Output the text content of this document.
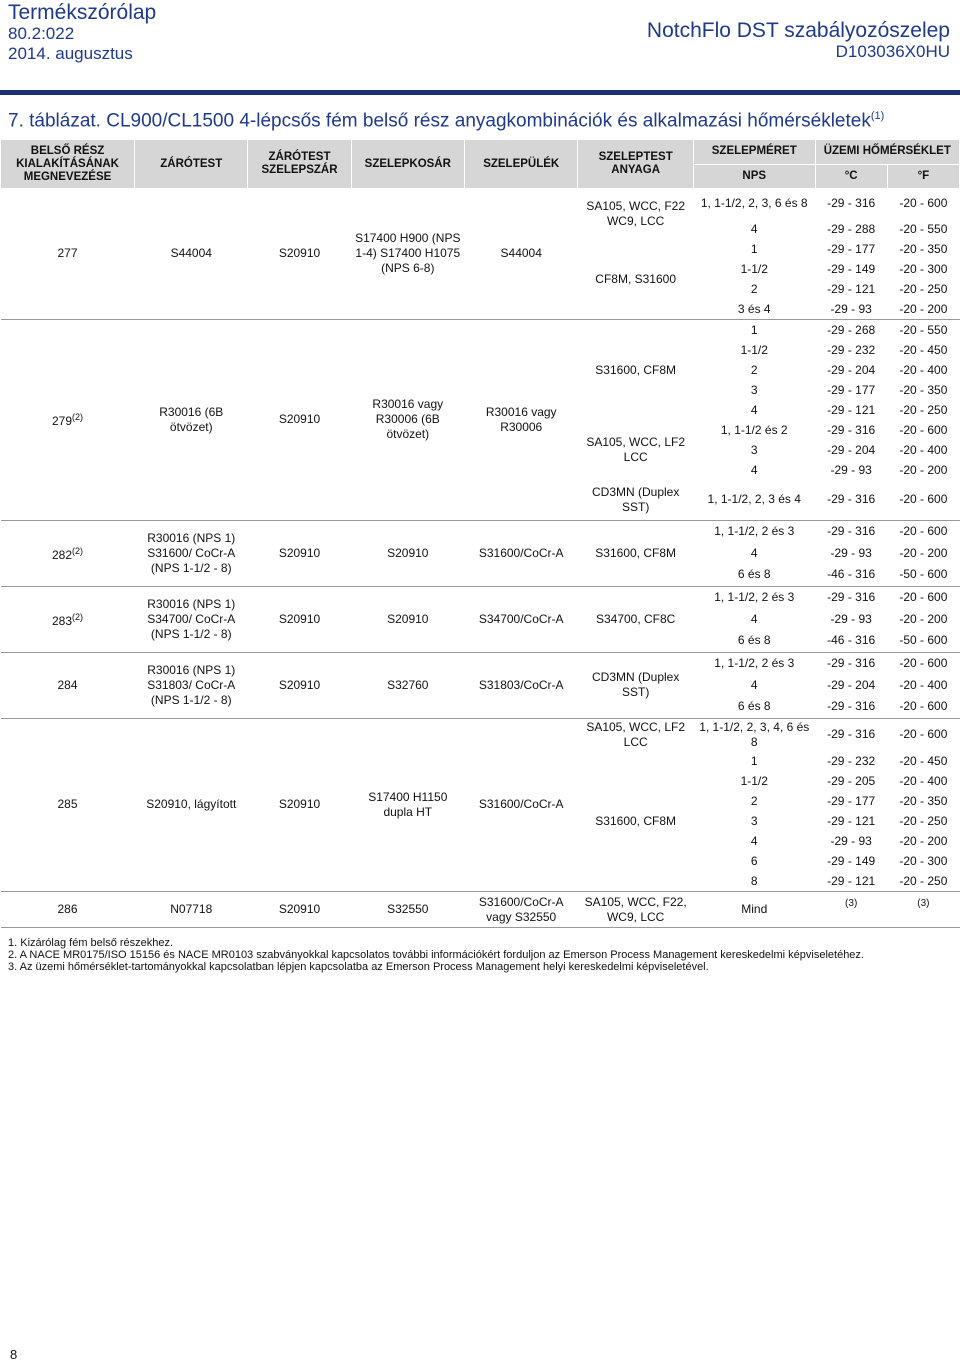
Termékszórólap
80.2:022
2014. augusztus
NotchFlo DST szabályozószelep
D103036X0HU
7. táblázat. CL900/CL1500 4-lépcsős fém belső rész anyagkombinációk és alkalmazási hőmérsékletek$^{(1)}$
BELSŐ RÉSZ KIALAKÍTÁSÁNAK MEGNEVEZÉSE	ZÁRÓTEST	ZÁRÓTEST SZELEPSZÁR	SZELEPKOSÁR	SZELEPÜLÉK	SZELEPTEST ANYAGA	SZELEPMÉRET	ÜZEMI HŐMÉRSÉKLET	
						NPS	°C	°F
277	S44004	S20910	S17400 H900 (NPS 1-4) S17400 H1075 (NPS 6-8)	S44004	SA105, WCC, F22 WC9, LCC	1, 1-1/2, 2, 3, 6 és 8	-29 - 316	-20 - 600
						4	-29 - 288	-20 - 550
					CF8M, S31600	1	-29 - 177	-20 - 350
						1-1/2	-29 - 149	-20 - 300
						2	-29 - 121	-20 - 250
						3 és 4	-29 - 93	-20 - 200
279$^{(2)}$	R30016 (6B ötvözet)	S20910	R30016 vagy R30006 (6B ötvözet)	R30016 vagy R30006	S31600, CF8M	1	-29 - 268	-20 - 550
						1-1/2	-29 - 232	-20 - 450
						2	-29 - 204	-20 - 400
						3	-29 - 177	-20 - 350
						4	-29 - 121	-20 - 250
					SA105, WCC, LF2 LCC	1, 1-1/2 és 2	-29 - 316	-20 - 600
						3	-29 - 204	-20 - 400
						4	-29 - 93	-20 - 200
					CD3MN (Duplex SST)	1, 1-1/2, 2, 3 és 4	-29 - 316	-20 - 600
282$^{(2)}$	R30016 (NPS 1) S31600/ CoCr-A (NPS 1-1/2 - 8)	S20910	S20910	S31600/CoCr-A	S31600, CF8M	1, 1-1/2, 2 és 3	-29 - 316	-20 - 600
						4	-29 - 93	-20 - 200
						6 és 8	-46 - 316	-50 - 600
283$^{(2)}$	R30016 (NPS 1) S34700/ CoCr-A (NPS 1-1/2 - 8)	S20910	S20910	S34700/CoCr-A	S34700, CF8C	1, 1-1/2, 2 és 3	-29 - 316	-20 - 600
						4	-29 - 93	-20 - 200
						6 és 8	-46 - 316	-50 - 600
284	R30016 (NPS 1) S31803/ CoCr-A (NPS 1-1/2 - 8)	S20910	S32760	S31803/CoCr-A	CD3MN (Duplex SST)	1, 1-1/2, 2 és 3	-29 - 316	-20 - 600
						4	-29 - 204	-20 - 400
						6 és 8	-29 - 316	-20 - 600
285	S20910, lágyított	S20910	S17400 H1150 dupla HT	S31600/CoCr-A	SA105, WCC, LF2 LCC	1, 1-1/2, 2, 3, 4, 6 és 8	-29 - 316	-20 - 600
					S31600, CF8M	1	-29 - 232	-20 - 450
						1-1/2	-29 - 205	-20 - 400
						2	-29 - 177	-20 - 350
						3	-29 - 121	-20 - 250
						4	-29 - 93	-20 - 200
						6	-29 - 149	-20 - 300
						8	-29 - 121	-20 - 250
286	N07718	S20910	S32550	S31600/CoCr-A vagy S32550	SA105, WCC, F22, WC9, LCC	Mind	(3)	(3)
1. Kizárólag fém belső részekhez.
2. A NACE MR0175/ISO 15156 és NACE MR0103 szabványokkal kapcsolatos további információkért forduljon az Emerson Process Management kereskedelmi képviseletéhez.
3. Az üzemi hőmérséklet-tartományokkal kapcsolatban lépjen kapcsolatba az Emerson Process Management helyi kereskedelmi képviseletével.
8
